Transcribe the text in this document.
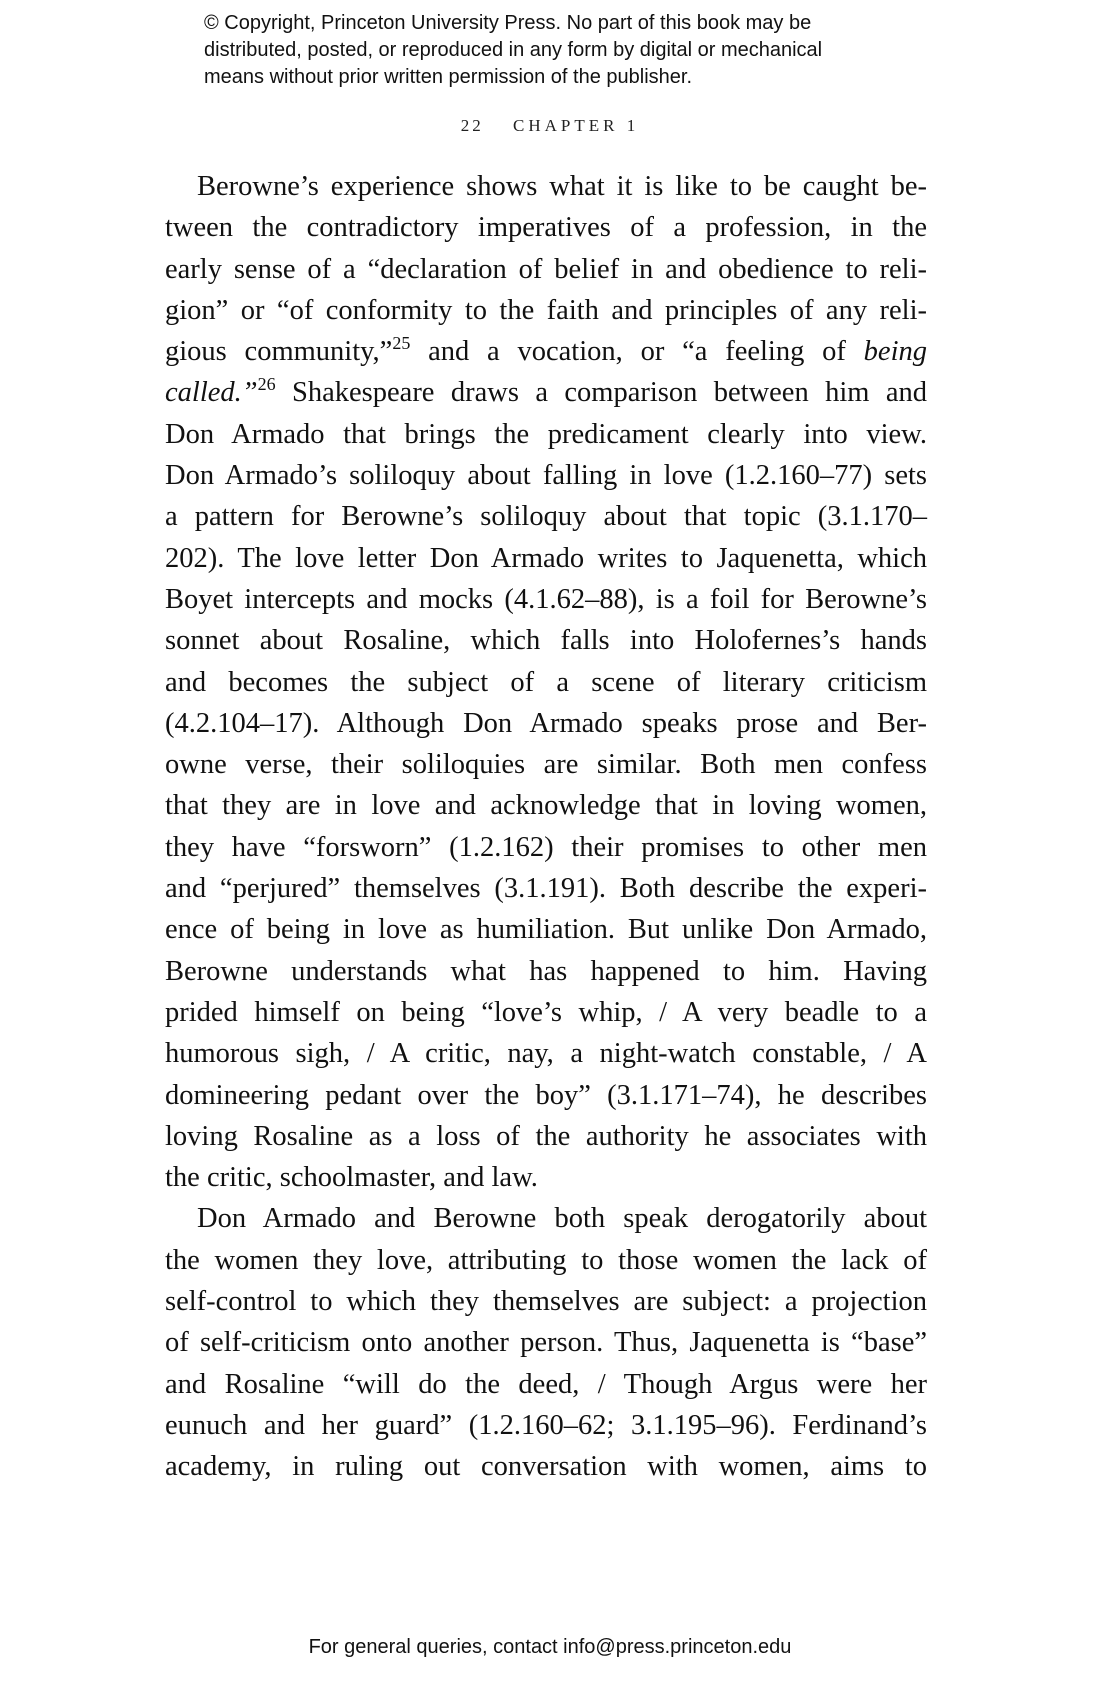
© Copyright, Princeton University Press. No part of this book may be
distributed, posted, or reproduced in any form by digital or mechanical
means without prior written permission of the publisher.
22 CHAPTER 1
Berowne’s experience shows what it is like to be caught be-
tween the contradictory imperatives of a profession, in the
early sense of a “declaration of belief in and obedience to reli-
gion” or “of conformity to the faith and principles of any reli-
gious community,”$^{25}$ and a vocation, or “a feeling of being
called.”$^{26}$ Shakespeare draws a comparison between him and
Don Armado that brings the predicament clearly into view.
Don Armado’s soliloquy about falling in love (1.2.160–77) sets
a pattern for Berowne’s soliloquy about that topic (3.1.170–
202). The love letter Don Armado writes to Jaquenetta, which
Boyet intercepts and mocks (4.1.62–88), is a foil for Berowne’s
sonnet about Rosaline, which falls into Holofernes’s hands
and becomes the subject of a scene of literary criticism
(4.2.104–17). Although Don Armado speaks prose and Ber-
owne verse, their soliloquies are similar. Both men confess
that they are in love and acknowledge that in loving women,
they have “forsworn” (1.2.162) their promises to other men
and “perjured” themselves (3.1.191). Both describe the experi-
ence of being in love as humiliation. But unlike Don Armado,
Berowne understands what has happened to him. Having
prided himself on being “love’s whip, / A very beadle to a
humorous sigh, / A critic, nay, a night-watch constable, / A
domineering pedant over the boy” (3.1.171–74), he describes
loving Rosaline as a loss of the authority he associates with
the critic, schoolmaster, and law.
Don Armado and Berowne both speak derogatorily about
the women they love, attributing to those women the lack of
self-control to which they themselves are subject: a projection
of self-criticism onto another person. Thus, Jaquenetta is “base”
and Rosaline “will do the deed, / Though Argus were her
eunuch and her guard” (1.2.160–62; 3.1.195–96). Ferdinand’s
academy, in ruling out conversation with women, aims to
For general queries, contact info@press.princeton.edu
